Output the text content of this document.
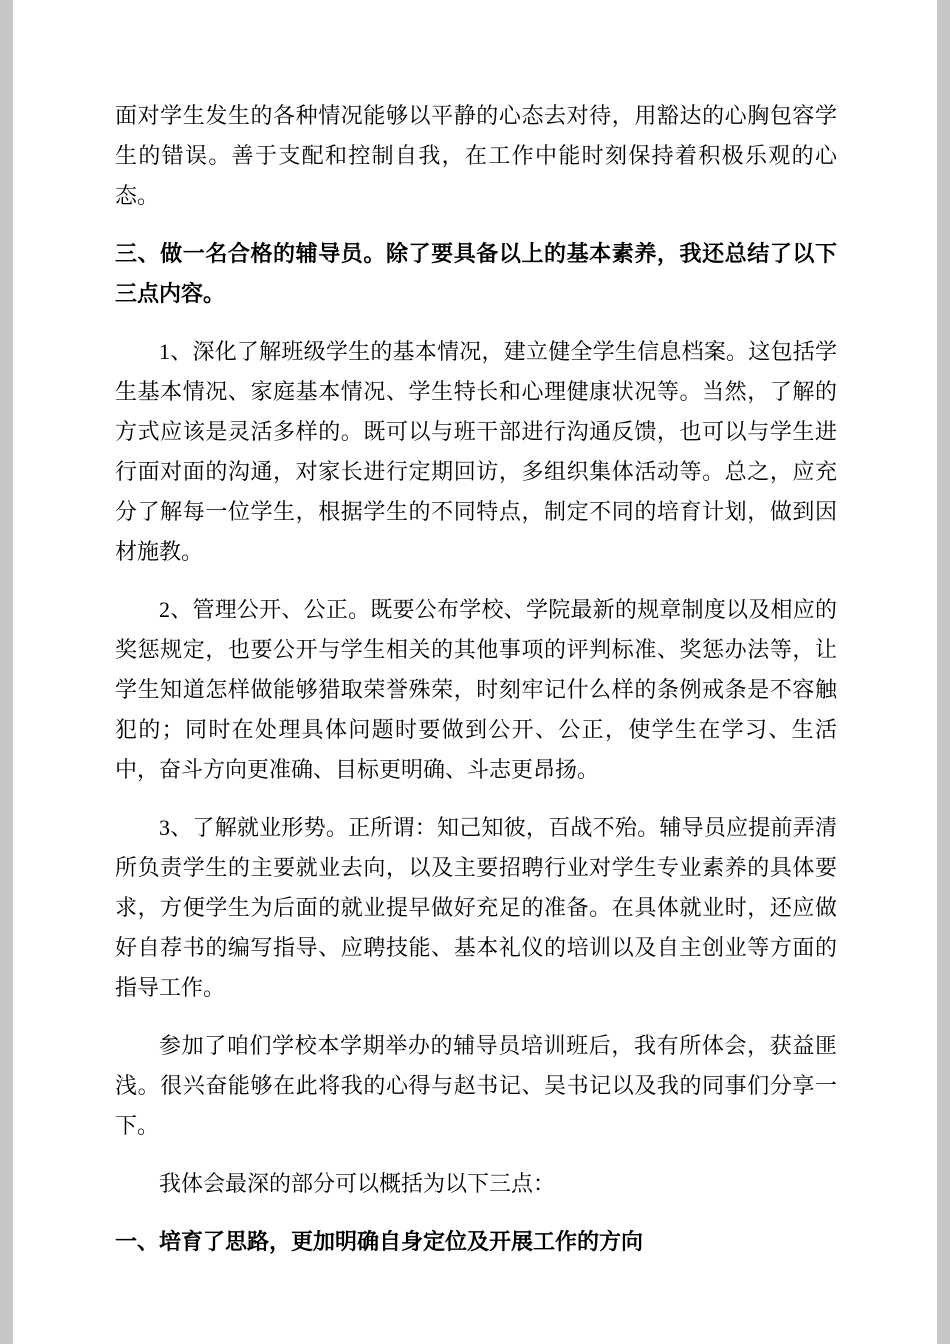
面对学生发生的各种情况能够以平静的心态去对待，用豁达的心胸包容学生的错误。善于支配和控制自我，在工作中能时刻保持着积极乐观的心态。

三、做一名合格的辅导员。除了要具备以上的基本素养，我还总结了以下三点内容。

1、深化了解班级学生的基本情况，建立健全学生信息档案。这包括学生基本情况、家庭基本情况、学生特长和心理健康状况等。当然，了解的方式应该是灵活多样的。既可以与班干部进行沟通反馈，也可以与学生进行面对面的沟通，对家长进行定期回访，多组织集体活动等。总之，应充分了解每一位学生，根据学生的不同特点，制定不同的培育计划，做到因材施教。

2、管理公开、公正。既要公布学校、学院最新的规章制度以及相应的奖惩规定，也要公开与学生相关的其他事项的评判标准、奖惩办法等，让学生知道怎样做能够猎取荣誉殊荣，时刻牢记什么样的条例戒条是不容触犯的；同时在处理具体问题时要做到公开、公正，使学生在学习、生活中，奋斗方向更准确、目标更明确、斗志更昂扬。

3、了解就业形势。正所谓：知己知彼，百战不殆。辅导员应提前弄清所负责学生的主要就业去向，以及主要招聘行业对学生专业素养的具体要求，方便学生为后面的就业提早做好充足的准备。在具体就业时，还应做好自荐书的编写指导、应聘技能、基本礼仪的培训以及自主创业等方面的指导工作。

参加了咱们学校本学期举办的辅导员培训班后，我有所体会，获益匪浅。很兴奋能够在此将我的心得与赵书记、吴书记以及我的同事们分享一下。

我体会最深的部分可以概括为以下三点：

一、培育了思路，更加明确自身定位及开展工作的方向
